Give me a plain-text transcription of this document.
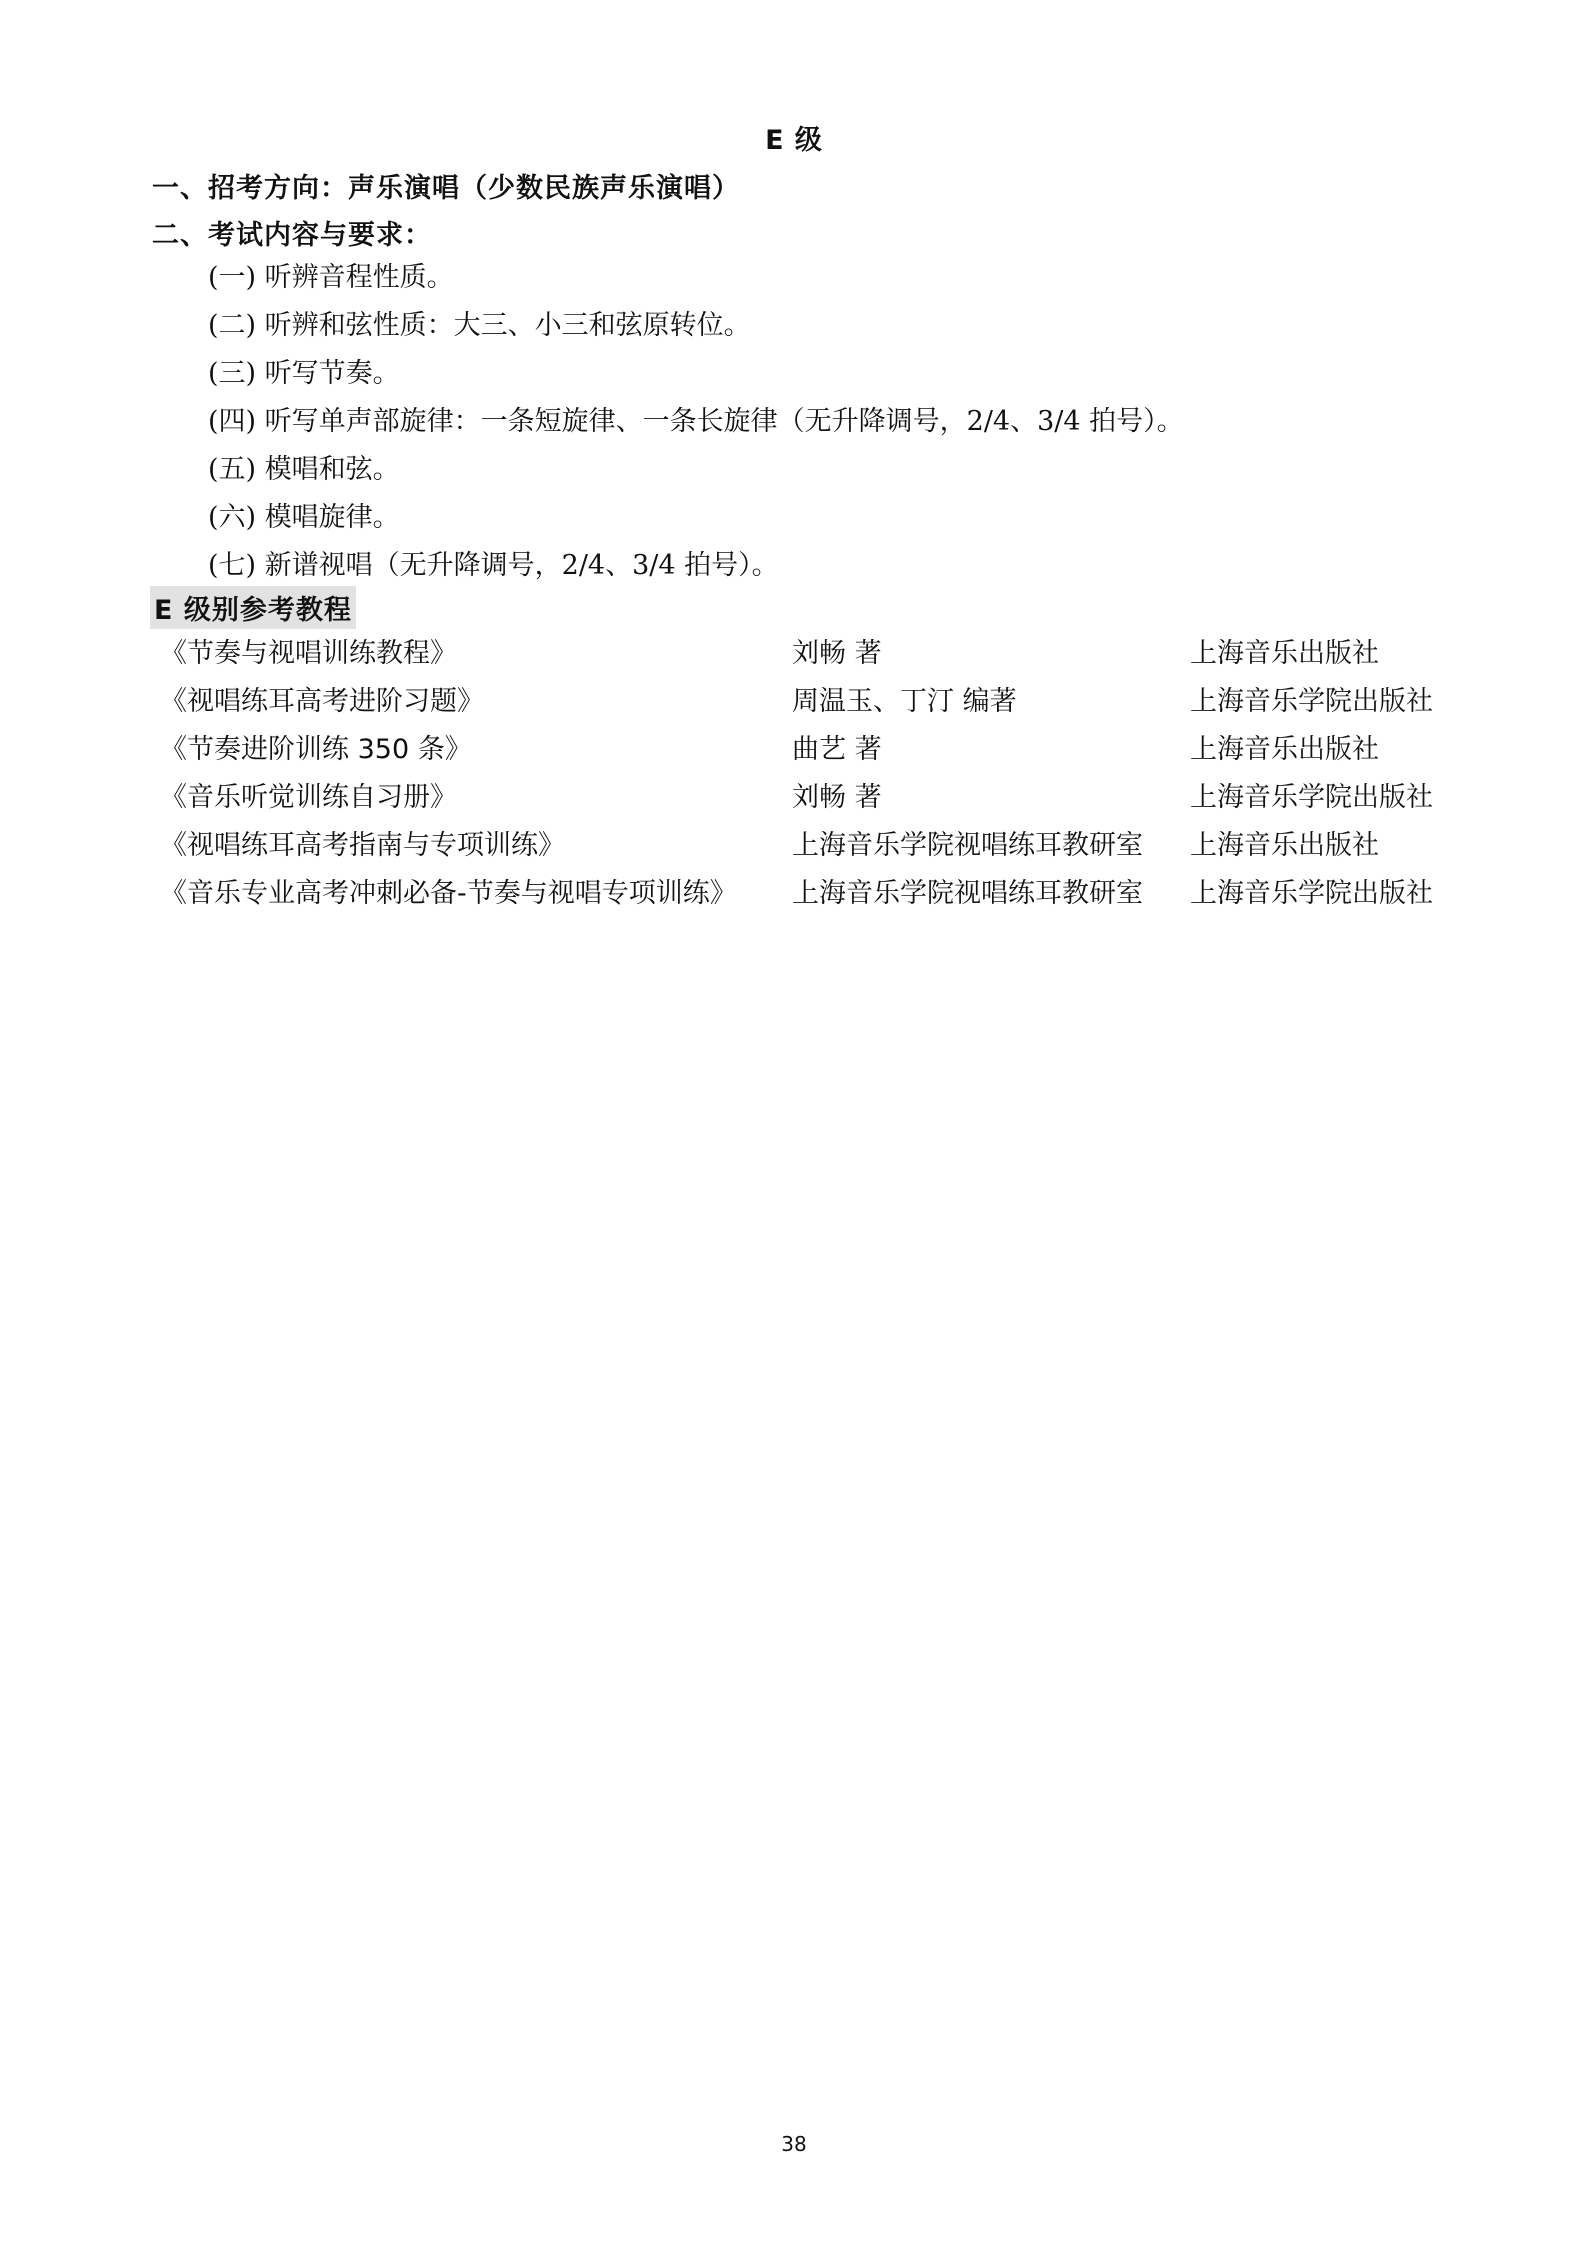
E 级
一、招考方向：声乐演唱（少数民族声乐演唱）
二、考试内容与要求：
(一) 听辨音程性质。
(二) 听辨和弦性质：大三、小三和弦原转位。
(三) 听写节奏。
(四) 听写单声部旋律：一条短旋律、一条长旋律（无升降调号，2/4、3/4 拍号）。
(五) 模唱和弦。
(六) 模唱旋律。
(七) 新谱视唱（无升降调号，2/4、3/4 拍号）。
E 级别参考教程
《节奏与视唱训练教程》	刘畅 著	上海音乐出版社
《视唱练耳高考进阶习题》	周温玉、丁汀 编著	上海音乐学院出版社
《节奏进阶训练 350 条》	曲艺 著	上海音乐出版社
《音乐听觉训练自习册》	刘畅 著	上海音乐学院出版社
《视唱练耳高考指南与专项训练》	上海音乐学院视唱练耳教研室 上海音乐出版社
《音乐专业高考冲刺必备-节奏与视唱专项训练》 上海音乐学院视唱练耳教研室 上海音乐学院出版社
38
